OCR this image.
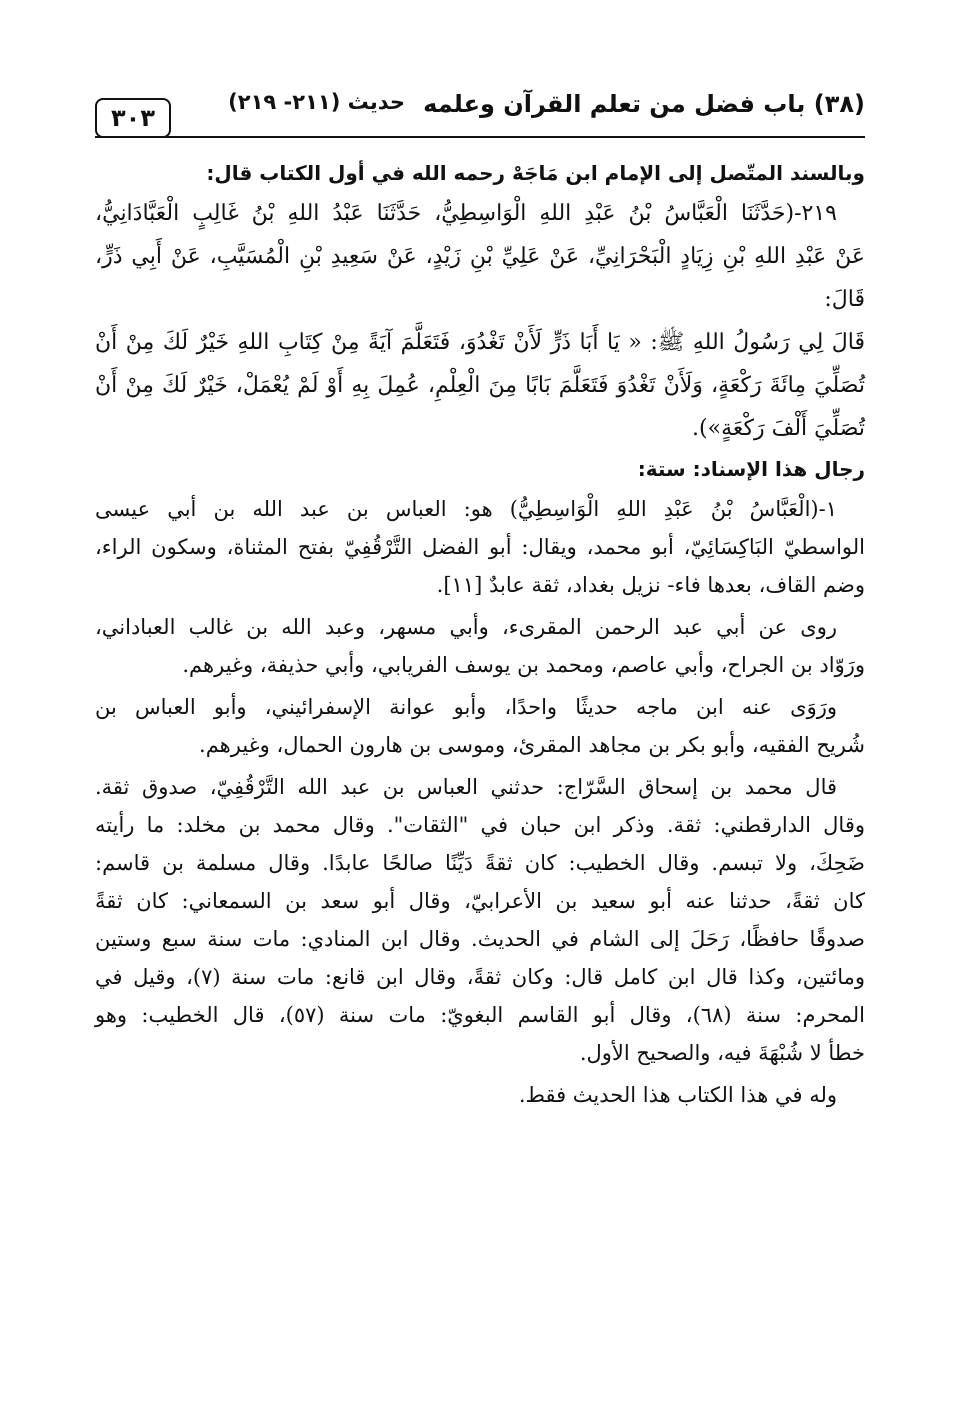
(٣٨) باب فضل من تعلم القرآن وعلمه
حديث (٢١١- ٢١٩)
٣٠٣

وبالسند المتّصل إلى الإمام ابن مَاجَهْ رحمه الله في أول الكتاب قال:

٢١٩-(حَدَّثَنَا الْعَبَّاسُ بْنُ عَبْدِ اللهِ الْوَاسِطِيُّ، حَدَّثَنَا عَبْدُ اللهِ بْنُ غَالِبٍ الْعَبَّادَانِيُّ،

عَنْ عَبْدِ اللهِ بْنِ زِيَادٍ الْبَحْرَانِيِّ، عَنْ عَلِيِّ بْنِ زَيْدٍ، عَنْ سَعِيدِ بْنِ الْمُسَيَّبِ، عَنْ أَبِي ذَرٍّ، قَالَ:

قَالَ لِي رَسُولُ اللهِ ﷺ: « يَا أَبَا ذَرٍّ لَأَنْ تَغْدُوَ، فَتَعَلَّمَ آيَةً مِنْ كِتَابِ اللهِ خَيْرٌ لَكَ مِنْ أَنْ

تُصَلِّيَ مِائَةَ رَكْعَةٍ، وَلَأَنْ تَغْدُوَ فَتَعَلَّمَ بَابًا مِنَ الْعِلْمِ، عُمِلَ بِهِ أَوْ لَمْ يُعْمَلْ، خَيْرٌ لَكَ مِنْ أَنْ

تُصَلِّيَ أَلْفَ رَكْعَةٍ»).

رجال هذا الإسناد: ستة:

١-(الْعَبَّاسُ بْنُ عَبْدِ اللهِ الْوَاسِطِيُّ) هو: العباس بن عبد الله بن أبي عيسى

الواسطيّ البَاكِسَائِيّ، أبو محمد، ويقال: أبو الفضل التَّرْقُفِيّ بفتح المثناة، وسكون الراء،

وضم القاف، بعدها فاء- نزيل بغداد، ثقة عابدٌ [١١].

روى عن أبي عبد الرحمن المقرىء، وأبي مسهر، وعبد الله بن غالب العباداني،

ورَوّاد بن الجراح، وأبي عاصم، ومحمد بن يوسف الفريابي، وأبي حذيفة، وغيرهم.

ورَوَى عنه ابن ماجه حديثًا واحدًا، وأبو عوانة الإسفرائيني، وأبو العباس بن

شُريح الفقيه، وأبو بكر بن مجاهد المقرئ، وموسى بن هارون الحمال، وغيرهم.

قال محمد بن إسحاق السَّرّاج: حدثني العباس بن عبد الله التَّرْقُفِيّ، صدوق ثقة.

وقال الدارقطني: ثقة. وذكر ابن حبان في "الثقات". وقال محمد بن مخلد: ما رأيته

ضَحِكَ، ولا تبسم. وقال الخطيب: كان ثقةً دَيِّنًا صالحًا عابدًا. وقال مسلمة بن قاسم:

كان ثقةً، حدثنا عنه أبو سعيد بن الأعرابيّ، وقال أبو سعد بن السمعاني: كان ثقةً

صدوقًا حافظًا، رَحَلَ إلى الشام في الحديث. وقال ابن المنادي: مات سنة سبع وستين

ومائتين، وكذا قال ابن كامل قال: وكان ثقةً، وقال ابن قانع: مات سنة (٧)، وقيل في

المحرم: سنة (٦٨)، وقال أبو القاسم البغويّ: مات سنة (٥٧)، قال الخطيب: وهو

خطأ لا شُبْهَةَ فيه، والصحيح الأول.

وله في هذا الكتاب هذا الحديث فقط.
